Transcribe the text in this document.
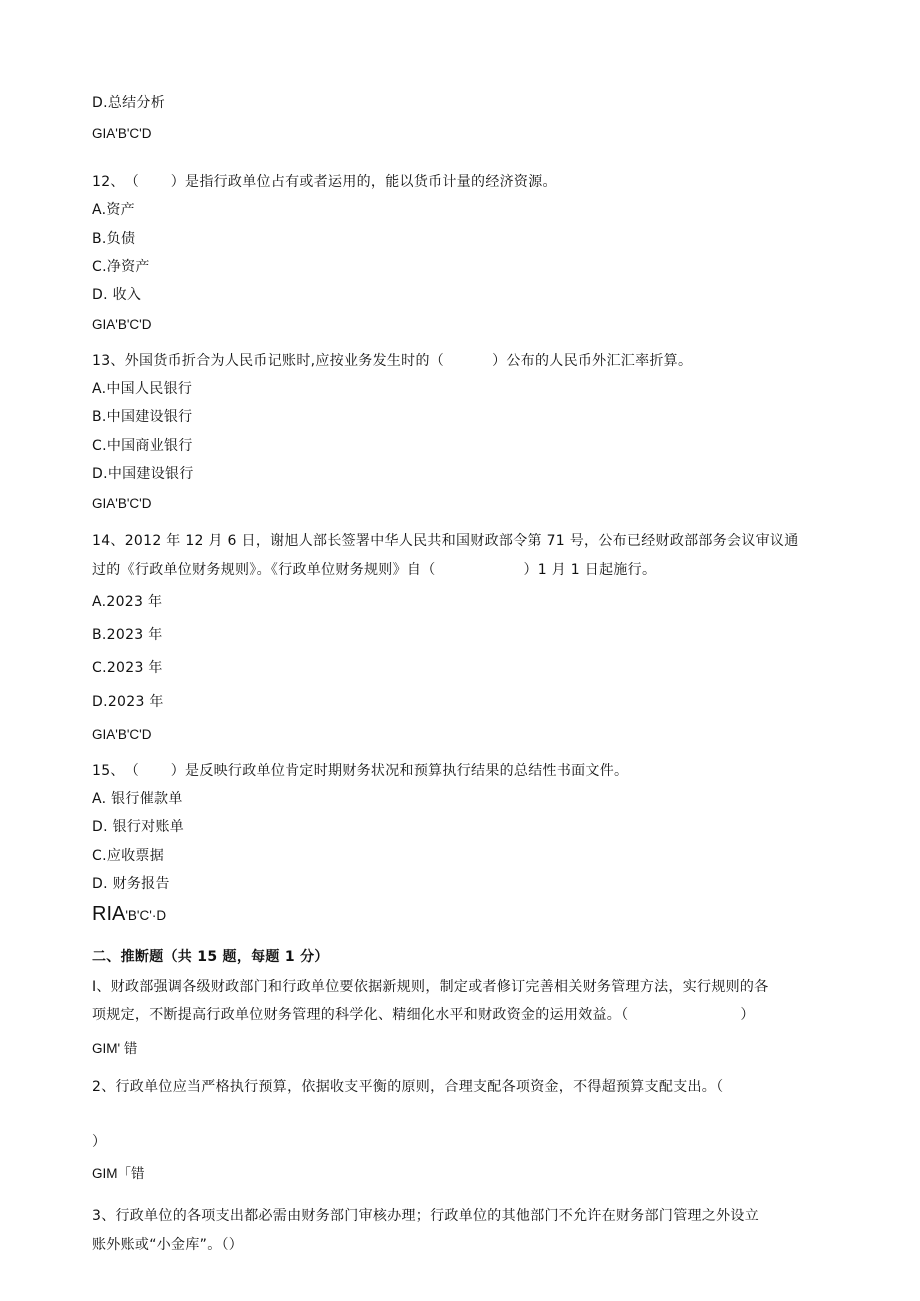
D.总结分析
GIA'B'C'D
12、（ ）是指行政单位占有或者运用的，能以货币计量的经济资源。
A.资产
B.负债
C.净资产
D. 收入
GIA'B'C'D
13、外国货币折合为人民币记账时,应按业务发生时的（	）公布的人民币外汇汇率折算。
A.中国人民银行
B.中国建设银行
C.中国商业银行
D.中国建设银行
GIA'B'C'D
14、2012 年 12 月 6 日，谢旭人部长签署中华人民共和国财政部令第 71 号，公布已经财政部部务会议审议通
过的《行政单位财务规则》。《行政单位财务规则》自（	）1 月 1 日起施行。
A.2023 年
B.2023 年
C.2023 年
D.2023 年
GIA'B'C'D
15、（ ）是反映行政单位肯定时期财务状况和预算执行结果的总结性书面文件。
A. 银行催款单
D. 银行对账单
C.应收票据
D. 财务报告
RIA'B'C'·D
二、推断题（共 15 题，每题 1 分）
I、财政部强调各级财政部门和行政单位要依据新规则，制定或者修订完善相关财务管理方法，实行规则的各
项规定，不断提高行政单位财务管理的科学化、精细化水平和财政资金的运用效益。（	）
GIM' 错
2、行政单位应当严格执行预算，依据收支平衡的原则，合理支配各项资金，不得超预算支配支出。（
）
GIM「错
3、行政单位的各项支出都必需由财务部门审核办理；行政单位的其他部门不允许在财务部门管理之外设立
账外账或“小金库”。（）
